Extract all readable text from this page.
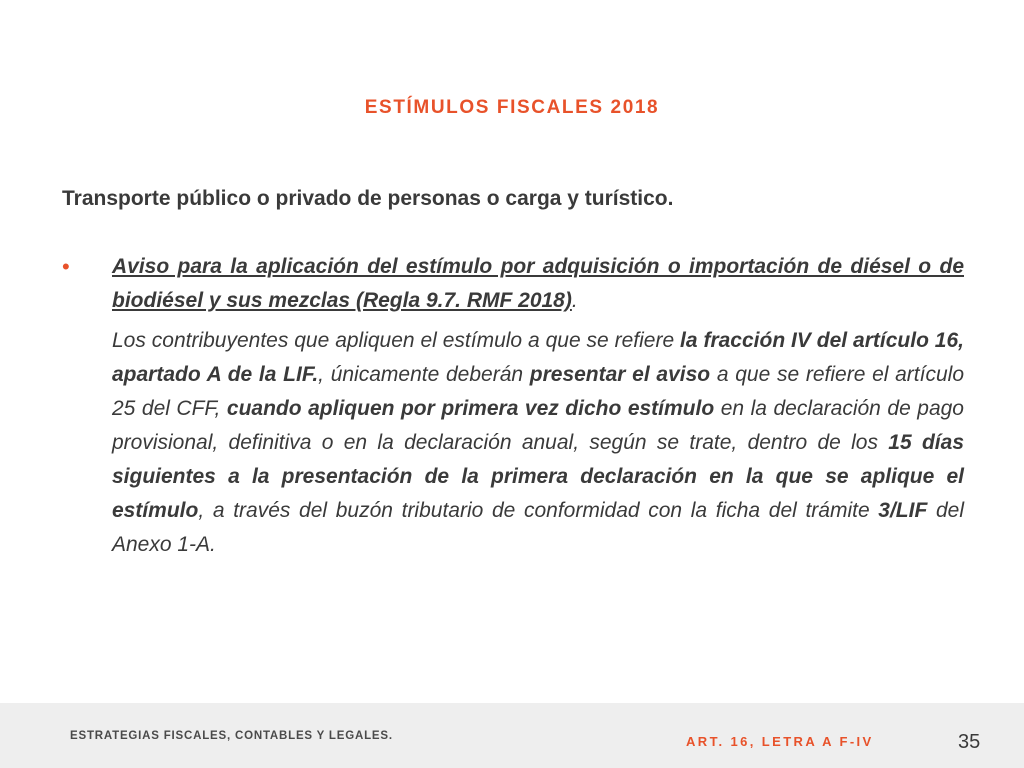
ESTÍMULOS FISCALES 2018
Transporte público o privado de personas o carga y turístico.
• Aviso para la aplicación del estímulo por adquisición o importación de diésel o de biodiésel y sus mezclas (Regla 9.7. RMF 2018).
Los contribuyentes que apliquen el estímulo a que se refiere la fracción IV del artículo 16, apartado A de la LIF., únicamente deberán presentar el aviso a que se refiere el artículo 25 del CFF, cuando apliquen por primera vez dicho estímulo en la declaración de pago provisional, definitiva o en la declaración anual, según se trate, dentro de los 15 días siguientes a la presentación de la primera declaración en la que se aplique el estímulo, a través del buzón tributario de conformidad con la ficha del trámite 3/LIF del Anexo 1-A.
ESTRATEGIAS FISCALES, CONTABLES Y LEGALES.	ART. 16, LETRA A F-IV	35
